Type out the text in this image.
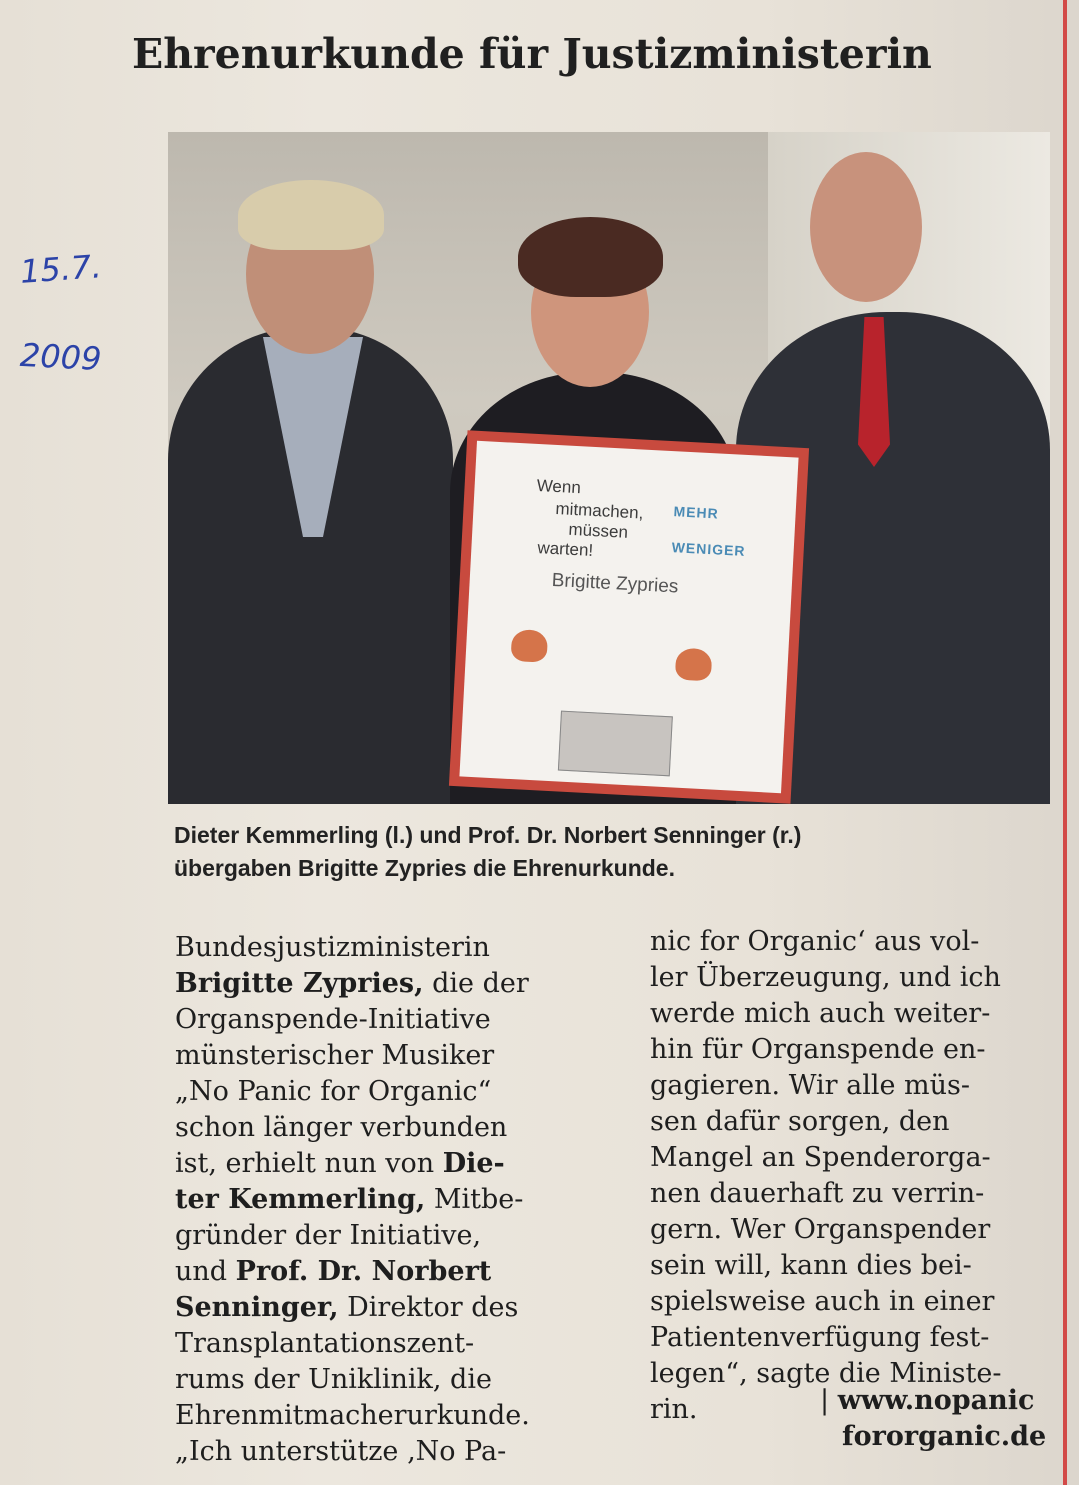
15.7.
2009
Ehrenurkunde für Justizministerin
Wenn
MEHR
mitmachen,
müssen
WENIGER
warten!
Brigitte Zypries
Dieter Kemmerling (l.) und Prof. Dr. Norbert Senninger (r.)
übergaben Brigitte Zypries die Ehrenurkunde.
Bundesjustizministerin
Brigitte Zypries, die der
Organspende-Initiative
münsterischer Musiker
„No Panic for Organic“
schon länger verbunden
ist, erhielt nun von Die-
ter Kemmerling, Mitbe-
gründer der Initiative,
und Prof. Dr. Norbert
Senninger, Direktor des
Transplantationszent-
rums der Uniklinik, die
Ehrenmitmacherurkunde.
„Ich unterstütze ‚No Pa-
nic for Organic‘ aus vol-
ler Überzeugung, und ich
werde mich auch weiter-
hin für Organspende en-
gagieren. Wir alle müs-
sen dafür sorgen, den
Mangel an Spenderorga-
nen dauerhaft zu verrin-
gern. Wer Organspender
sein will, kann dies bei-
spielsweise auch in einer
Patientenverfügung fest-
legen“, sagte die Ministe-
rin.	| www.nopanic
fororganic.de
